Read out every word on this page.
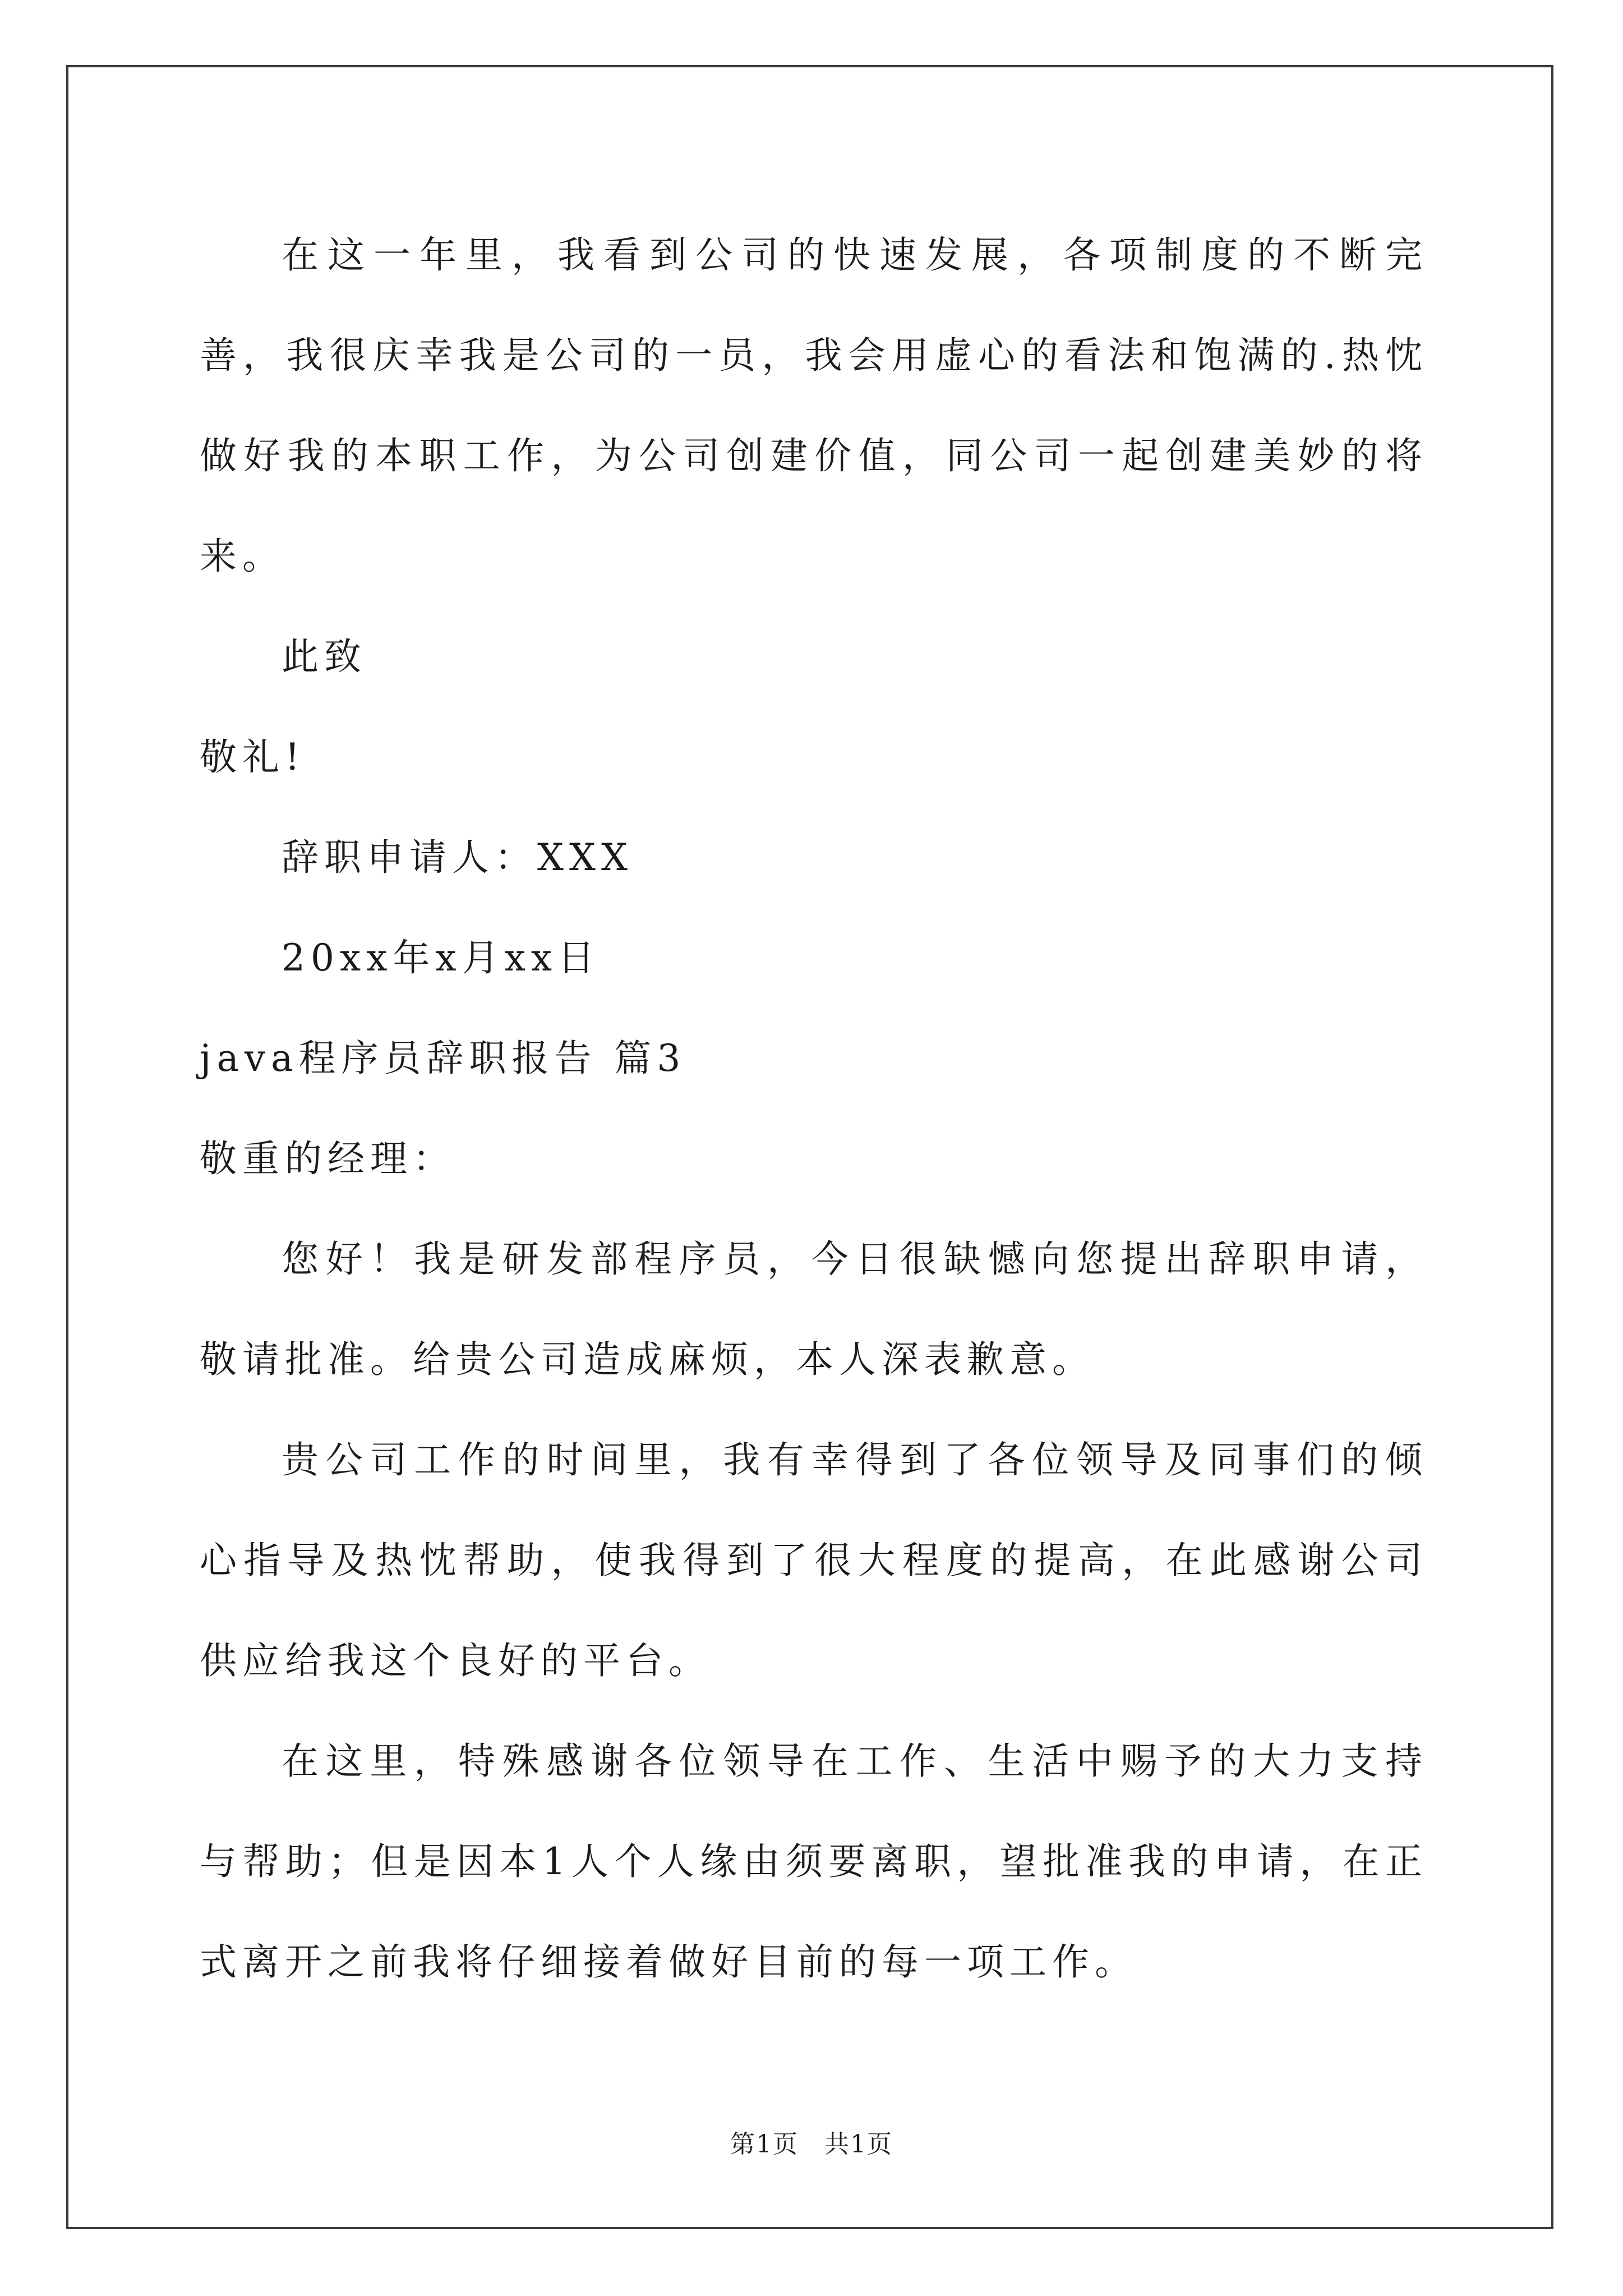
在这一年里，我看到公司的快速发展，各项制度的不断完善，我很庆幸我是公司的一员，我会用虚心的看法和饱满的.热忱做好我的本职工作，为公司创建价值，同公司一起创建美妙的将来。

此致

敬礼!

辞职申请人：XXX

20xx年x月xx日

java程序员辞职报告 篇3

敬重的经理：

您好！我是研发部程序员，今日很缺憾向您提出辞职申请，敬请批准。给贵公司造成麻烦，本人深表歉意。

贵公司工作的时间里，我有幸得到了各位领导及同事们的倾心指导及热忱帮助，使我得到了很大程度的提高，在此感谢公司供应给我这个良好的平台。

在这里，特殊感谢各位领导在工作、生活中赐予的大力支持与帮助；但是因本1人个人缘由须要离职，望批准我的申请，在正式离开之前我将仔细接着做好目前的每一项工作。

第1页　共1页
